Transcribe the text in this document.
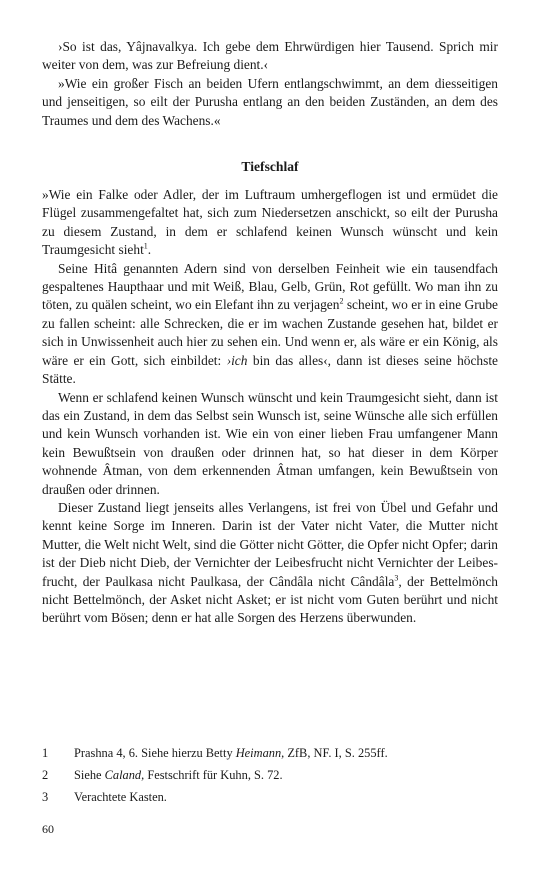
›So ist das, Yâjnavalkya. Ich gebe dem Ehrwürdigen hier Tausend. Sprich mir weiter von dem, was zur Befreiung dient.‹

»Wie ein großer Fisch an beiden Ufern entlangschwimmt, an dem diesseitigen und jenseitigen, so eilt der Purusha entlang an den beiden Zuständen, an dem des Traumes und dem des Wachens.«

Tiefschlaf

»Wie ein Falke oder Adler, der im Luftraum umhergeflogen ist und ermüdet die Flügel zusammengefaltet hat, sich zum Niedersetzen anschickt, so eilt der Purusha zu diesem Zustand, in dem er schlafend keinen Wunsch wünscht und kein Traumgesicht sieht$^1$.

Seine Hitâ genannten Adern sind von derselben Feinheit wie ein tausendfach gespaltenes Haupthaar und mit Weiß, Blau, Gelb, Grün, Rot gefüllt. Wo man ihn zu töten, zu quälen scheint, wo ein Elefant ihn zu verjagen$^2$ scheint, wo er in eine Grube zu fallen scheint: alle Schrecken, die er im wachen Zustande gesehen hat, bildet er sich in Unwissenheit auch hier zu sehen ein. Und wenn er, als wäre er ein König, als wäre er ein Gott, sich einbildet: ›ich bin das alles‹, dann ist dieses seine höchste Stätte.

Wenn er schlafend keinen Wunsch wünscht und kein Traumgesicht sieht, dann ist das ein Zustand, in dem das Selbst sein Wunsch ist, seine Wünsche alle sich erfüllen und kein Wunsch vorhanden ist. Wie ein von einer lieben Frau umfangener Mann kein Bewußtsein von draußen oder drinnen hat, so hat dieser in dem Körper wohnende Âtman, von dem erkennenden Âtman umfangen, kein Bewußtsein von draußen oder drinnen.

Dieser Zustand liegt jenseits alles Verlangens, ist frei von Übel und Gefahr und kennt keine Sorge im Inneren. Darin ist der Vater nicht Vater, die Mutter nicht Mutter, die Welt nicht Welt, sind die Götter nicht Götter, die Opfer nicht Opfer; darin ist der Dieb nicht Dieb, der Vernichter der Leibesfrucht nicht Vernichter der Leibesfrucht, der Paulkasa nicht Paulkasa, der Cândâla nicht Cândâla$^3$, der Bettelmönch nicht Bettelmönch, der Asket nicht Asket; er ist nicht vom Guten berührt und nicht berührt vom Bösen; denn er hat alle Sorgen des Herzens überwunden.

1	Prashna 4, 6. Siehe hierzu Betty Heimann, ZfB, NF. I, S. 255ff.
2	Siehe Caland, Festschrift für Kuhn, S. 72.
3	Verachtete Kasten.
60
